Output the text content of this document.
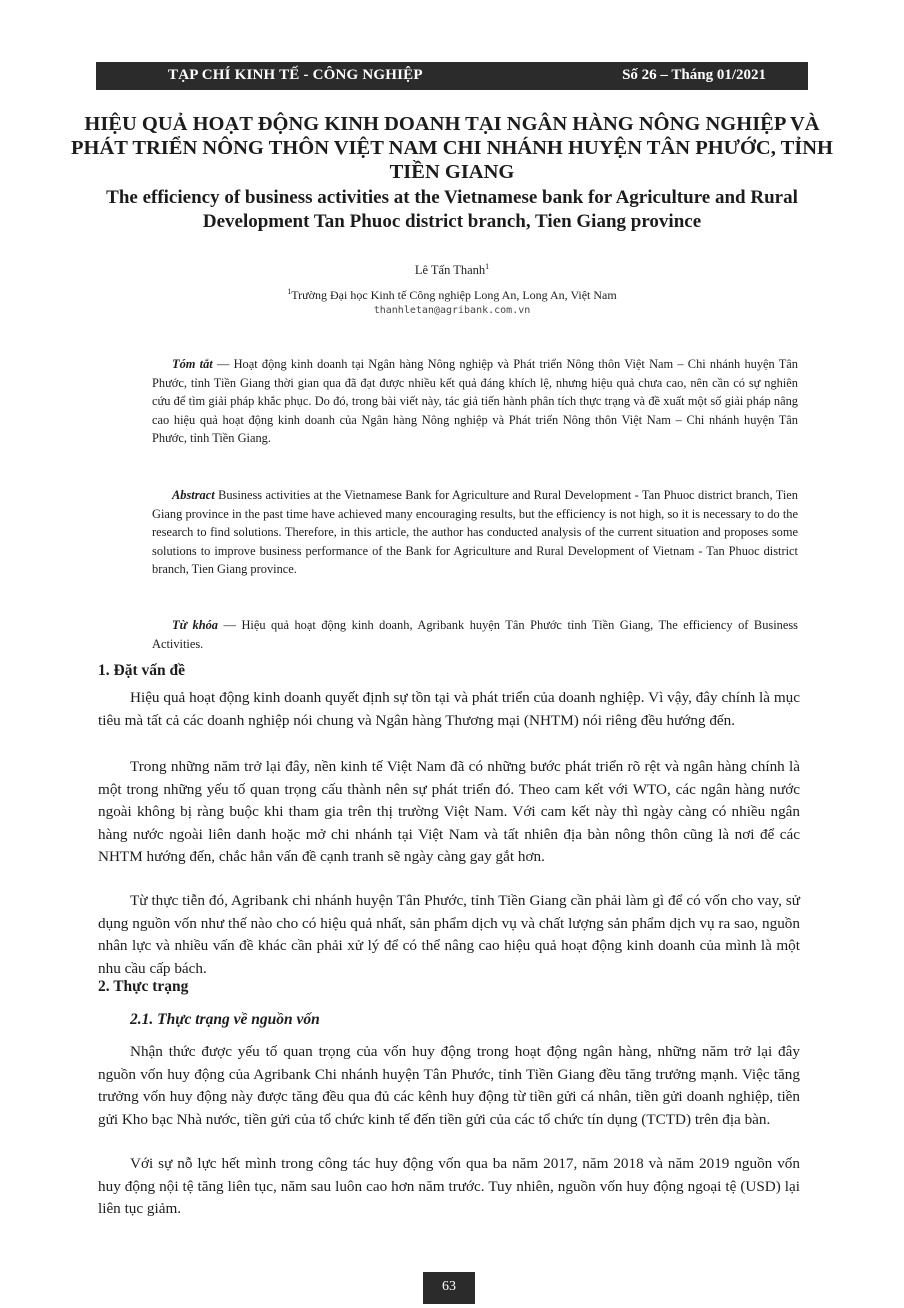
TẠP CHÍ KINH TẾ - CÔNG NGHIỆP	Số 26 – Tháng 01/2021
HIỆU QUẢ HOẠT ĐỘNG KINH DOANH TẠI NGÂN HÀNG NÔNG NGHIỆP VÀ PHÁT TRIỂN NÔNG THÔN VIỆT NAM CHI NHÁNH HUYỆN TÂN PHƯỚC, TỈNH TIỀN GIANG
The efficiency of business activities at the Vietnamese bank for Agriculture and Rural Development Tan Phuoc district branch, Tien Giang province
Lê Tấn Thanh$^1$
$^1$Trường Đại học Kinh tế Công nghiệp Long An, Long An, Việt Nam
thanhletan@agribank.com.vn

Tóm tắt — Hoạt động kinh doanh tại Ngân hàng Nông nghiệp và Phát triển Nông thôn Việt Nam – Chi nhánh huyện Tân Phước, tỉnh Tiền Giang thời gian qua đã đạt được nhiều kết quả đáng khích lệ, nhưng hiệu quả chưa cao, nên cần có sự nghiên cứu để tìm giải pháp khắc phục. Do đó, trong bài viết này, tác giả tiến hành phân tích thực trạng và đề xuất một số giải pháp nâng cao hiệu quả hoạt động kinh doanh của Ngân hàng Nông nghiệp và Phát triển Nông thôn Việt Nam – Chi nhánh huyện Tân Phước, tỉnh Tiền Giang.

Abstract Business activities at the Vietnamese Bank for Agriculture and Rural Development - Tan Phuoc district branch, Tien Giang province in the past time have achieved many encouraging results, but the efficiency is not high, so it is necessary to do the research to find solutions. Therefore, in this article, the author has conducted analysis of the current situation and proposes some solutions to improve business performance of the Bank for Agriculture and Rural Development of Vietnam - Tan Phuoc district branch, Tien Giang province.

Từ khóa — Hiệu quả hoạt động kinh doanh, Agribank huyện Tân Phước tỉnh Tiền Giang, The efficiency of Business Activities.

1. Đặt vấn đề

Hiệu quả hoạt động kinh doanh quyết định sự tồn tại và phát triển của doanh nghiệp. Vì vậy, đây chính là mục tiêu mà tất cả các doanh nghiệp nói chung và Ngân hàng Thương mại (NHTM) nói riêng đều hướng đến.

Trong những năm trở lại đây, nền kinh tế Việt Nam đã có những bước phát triển rõ rệt và ngân hàng chính là một trong những yếu tố quan trọng cấu thành nên sự phát triển đó. Theo cam kết với WTO, các ngân hàng nước ngoài không bị ràng buộc khi tham gia trên thị trường Việt Nam. Với cam kết này thì ngày càng có nhiều ngân hàng nước ngoài liên danh hoặc mở chi nhánh tại Việt Nam và tất nhiên địa bàn nông thôn cũng là nơi để các NHTM hướng đến, chắc hẳn vấn đề cạnh tranh sẽ ngày càng gay gắt hơn.

Từ thực tiễn đó, Agribank chi nhánh huyện Tân Phước, tỉnh Tiền Giang cần phải làm gì để có vốn cho vay, sử dụng nguồn vốn như thế nào cho có hiệu quả nhất, sản phẩm dịch vụ và chất lượng sản phẩm dịch vụ ra sao, nguồn nhân lực và nhiều vấn đề khác cần phải xử lý để có thể nâng cao hiệu quả hoạt động kinh doanh của mình là một nhu cầu cấp bách.

2. Thực trạng
2.1. Thực trạng về nguồn vốn

Nhận thức được yếu tố quan trọng của vốn huy động trong hoạt động ngân hàng, những năm trở lại đây nguồn vốn huy động của Agribank Chi nhánh huyện Tân Phước, tỉnh Tiền Giang đều tăng trưởng mạnh. Việc tăng trưởng vốn huy động này được tăng đều qua đủ các kênh huy động từ tiền gửi cá nhân, tiền gửi doanh nghiệp, tiền gửi Kho bạc Nhà nước, tiền gửi của tổ chức kinh tế đến tiền gửi của các tổ chức tín dụng (TCTD) trên địa bàn.

Với sự nỗ lực hết mình trong công tác huy động vốn qua ba năm 2017, năm 2018 và năm 2019 nguồn vốn huy động nội tệ tăng liên tục, năm sau luôn cao hơn năm trước. Tuy nhiên, nguồn vốn huy động ngoại tệ (USD) lại liên tục giảm.

63
